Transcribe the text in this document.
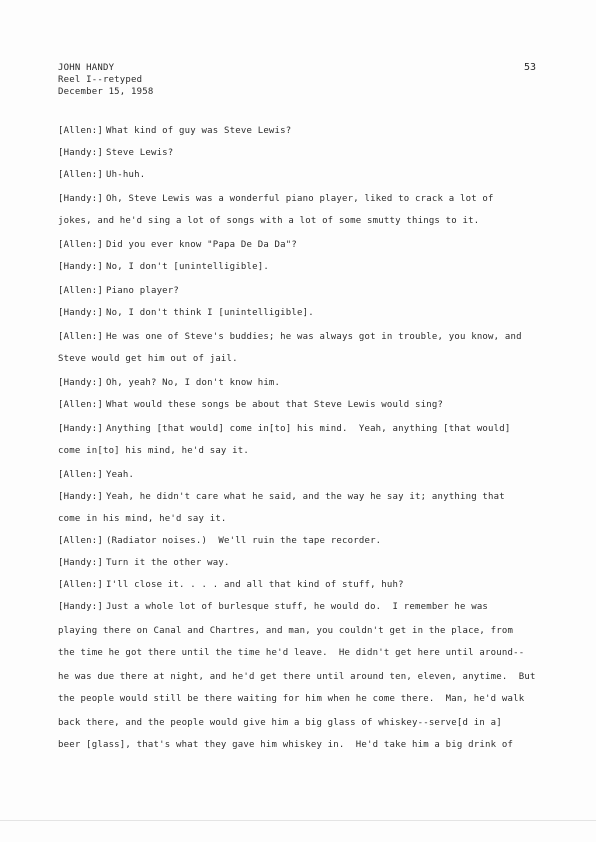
JOHN HANDY
Reel I--retyped
December 15, 1958
53
[Allen:] What kind of guy was Steve Lewis?
[Handy:] Steve Lewis?
[Allen:] Uh-huh.
[Handy:] Oh, Steve Lewis was a wonderful piano player, liked to crack a lot of
jokes, and he'd sing a lot of songs with a lot of some smutty things to it.
[Allen:] Did you ever know "Papa De Da Da"?
[Handy:] No, I don't [unintelligible].
[Allen:] Piano player?
[Handy:] No, I don't think I [unintelligible].
[Allen:] He was one of Steve's buddies; he was always got in trouble, you know, and
Steve would get him out of jail.
[Handy:] Oh, yeah? No, I don't know him.
[Allen:] What would these songs be about that Steve Lewis would sing?
[Handy:] Anything [that would] come in[to] his mind.  Yeah, anything [that would]
come in[to] his mind, he'd say it.
[Allen:] Yeah.
[Handy:] Yeah, he didn't care what he said, and the way he say it; anything that
come in his mind, he'd say it.
[Allen:] (Radiator noises.)  We'll ruin the tape recorder.
[Handy:] Turn it the other way.
[Allen:] I'll close it. . . . and all that kind of stuff, huh?
[Handy:] Just a whole lot of burlesque stuff, he would do.  I remember he was
playing there on Canal and Chartres, and man, you couldn't get in the place, from
the time he got there until the time he'd leave.  He didn't get here until around--
he was due there at night, and he'd get there until around ten, eleven, anytime.  But
the people would still be there waiting for him when he come there.  Man, he'd walk
back there, and the people would give him a big glass of whiskey--serve[d in a]
beer [glass], that's what they gave him whiskey in.  He'd take him a big drink of
